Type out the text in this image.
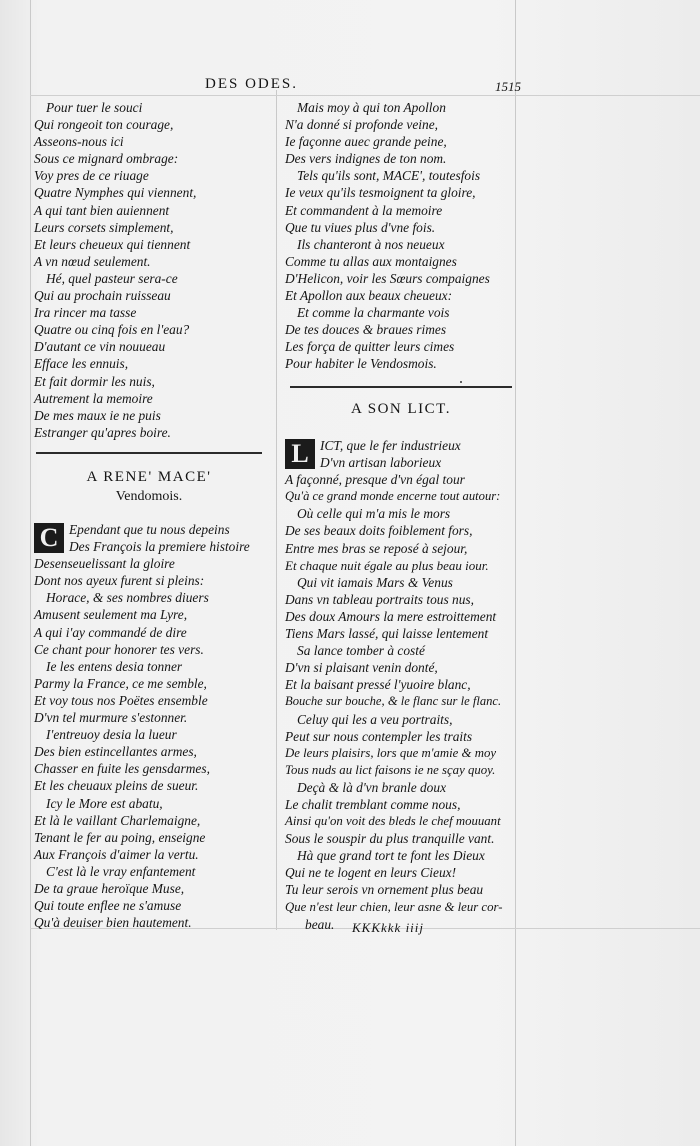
DES ODES.	1515
Pour tuer le souci
Qui rongeoit ton courage,
Asseons-nous ici
Sous ce mignard ombrage:
Voy pres de ce riuage
Quatre Nymphes qui viennent,
A qui tant bien auiennent
Leurs corsets simplement,
Et leurs cheueux qui tiennent
A vn nœud seulement.
Hé, quel pasteur sera-ce
Qui au prochain ruisseau
Ira rincer ma tasse
Quatre ou cinq fois en l'eau?
D'autant ce vin nouueau
Efface les ennuis,
Et fait dormir les nuis,
Autrement la memoire
De mes maux ie ne puis
Estranger qu'apres boire.
A RENE' MACE'
Vendomois.
C Ependant que tu nous depeins
Des François la premiere histoire
Desenseuelissant la gloire
Dont nos ayeux furent si pleins:
Horace, & ses nombres diuers
Amusent seulement ma Lyre,
A qui i'ay commandé de dire
Ce chant pour honorer tes vers.
Ie les entens desia tonner
Parmy la France, ce me semble,
Et voy tous nos Poëtes ensemble
D'vn tel murmure s'estonner.
I'entreuoy desia la lueur
Des bien estincellantes armes,
Chasser en fuite les gensdarmes,
Et les cheuaux pleins de sueur.
Icy le More est abatu,
Et là le vaillant Charlemaigne,
Tenant le fer au poing, enseigne
Aux François d'aimer la vertu.
C'est là le vray enfantement
De ta graue heroïque Muse,
Qui toute enflee ne s'amuse
Qu'à deuiser bien hautement.
Mais moy à qui ton Apollon
N'a donné si profonde veine,
Ie façonne auec grande peine,
Des vers indignes de ton nom.
Tels qu'ils sont, MACE', toutesfois
Ie veux qu'ils tesmoignent ta gloire,
Et commandent à la memoire
Que tu viues plus d'vne fois.
Ils chanteront à nos neueux
Comme tu allas aux montaignes
D'Helicon, voir les Sœurs compaignes
Et Apollon aux beaux cheueux:
Et comme la charmante vois
De tes douces & braues rimes
Les força de quitter leurs cimes
Pour habiter le Vendosmois.
A SON LICT.
L ICT, que le fer industrieux
D'vn artisan laborieux
A façonné, presque d'vn égal tour
Qu'à ce grand monde encerne tout autour:
Où celle qui m'a mis le mors
De ses beaux doits foiblement fors,
Entre mes bras se reposé à sejour,
Et chaque nuit égale au plus beau iour.
Qui vit iamais Mars & Venus
Dans vn tableau portraits tous nus,
Des doux Amours la mere estroittement
Tiens Mars lassé, qui laisse lentement
Sa lance tomber à costé
D'vn si plaisant venin donté,
Et la baisant pressé l'yuoire blanc,
Bouche sur bouche, & le flanc sur le flanc.
Celuy qui les a veu portraits,
Peut sur nous contempler les traits
De leurs plaisirs, lors que m'amie & moy
Tous nuds au lict faisons ie ne sçay quoy.
Deçà & là d'vn branle doux
Le chalit tremblant comme nous,
Ainsi qu'on voit des bleds le chef mouuant
Sous le souspir du plus tranquille vant.
Hà que grand tort te font les Dieux
Qui ne te logent en leurs Cieux!
Tu leur serois vn ornement plus beau
Que n'est leur chien, leur asne & leur cor-
beau.	KKKkkk iiij
